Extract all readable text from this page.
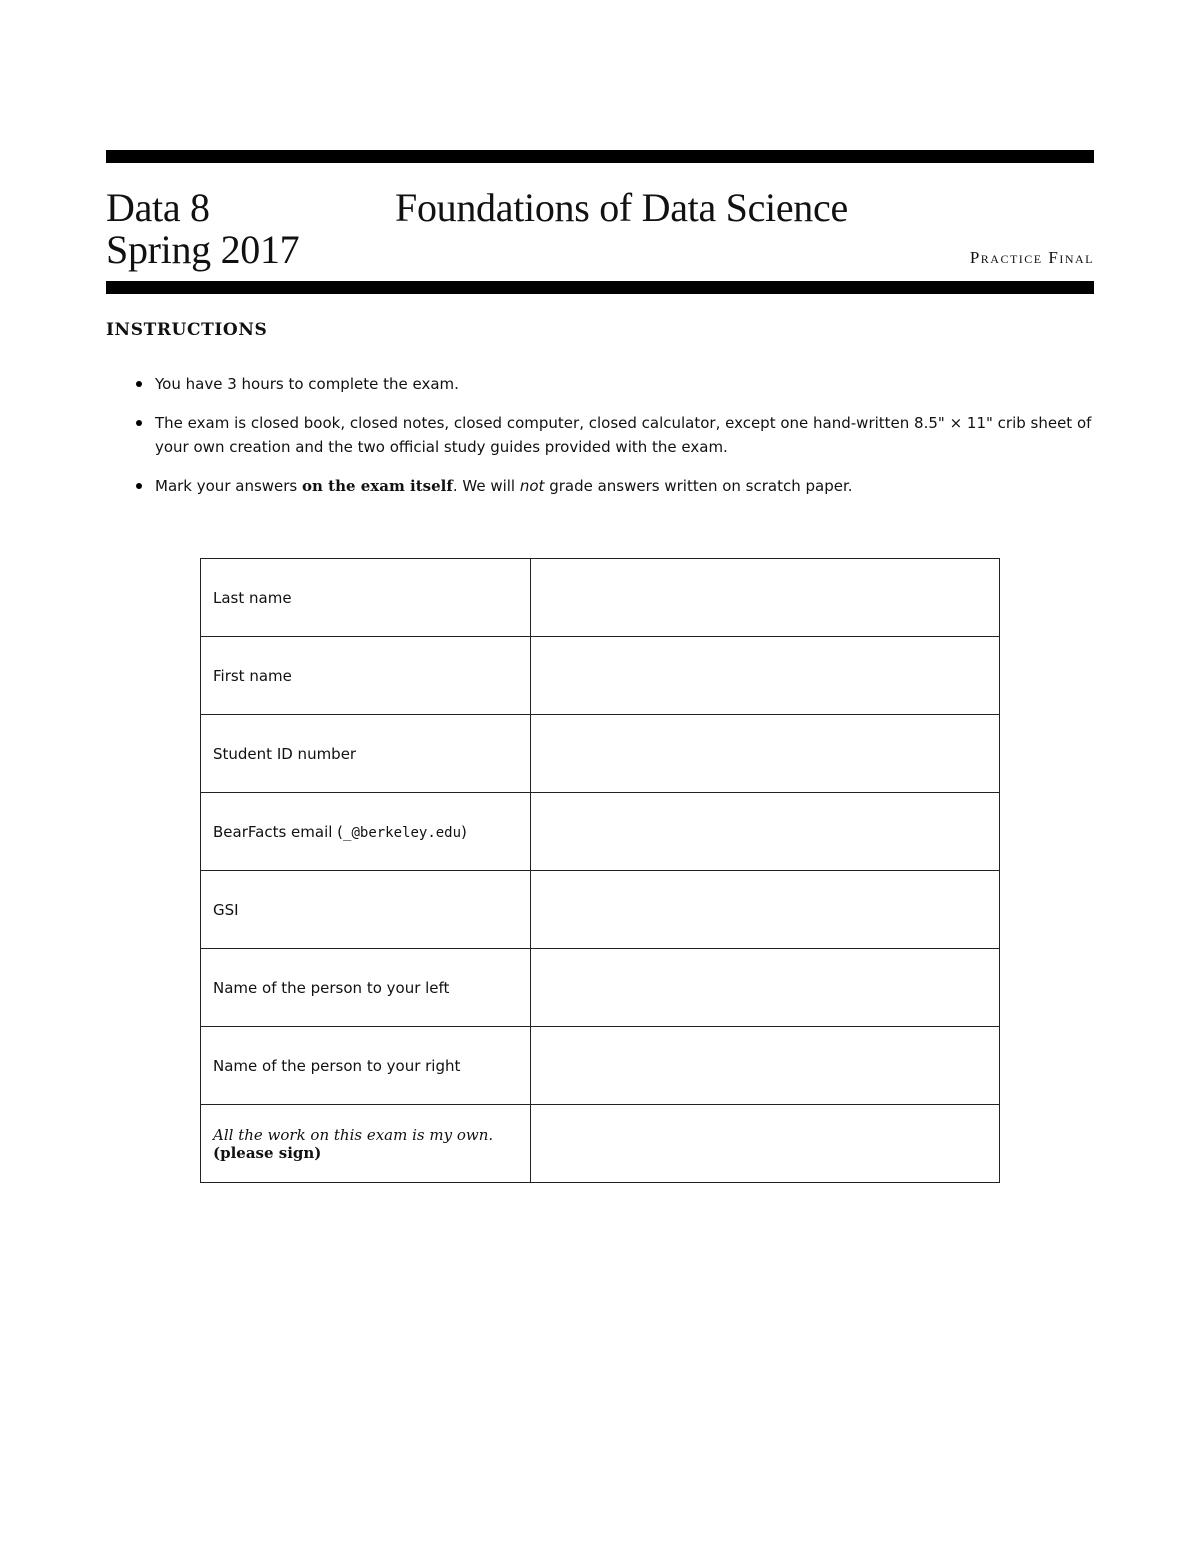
Data 8
Spring 2017
Foundations of Data Science
Practice Final
INSTRUCTIONS
You have 3 hours to complete the exam.
The exam is closed book, closed notes, closed computer, closed calculator, except one hand-written 8.5" × 11" crib sheet of your own creation and the two official study guides provided with the exam.
Mark your answers on the exam itself. We will not grade answers written on scratch paper.
Last name	
First name	
Student ID number	
BearFacts email (_@berkeley.edu)	
GSI	
Name of the person to your left	
Name of the person to your right	

All the work on this exam is my own.
(please sign)	
